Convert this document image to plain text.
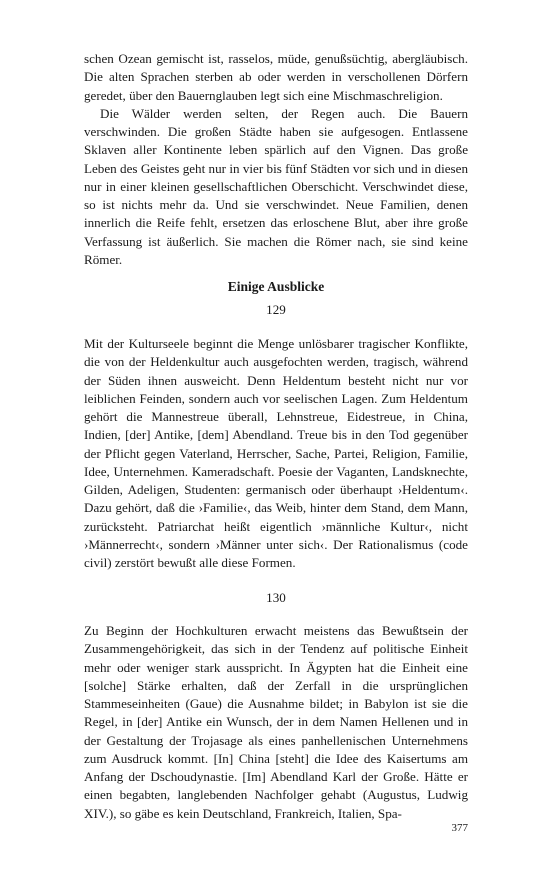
schen Ozean gemischt ist, rasselos, müde, genußsüchtig, abergläubisch. Die alten Sprachen sterben ab oder werden in verschollenen Dörfern geredet, über den Bauernglauben legt sich eine Mischmaschreligion.

Die Wälder werden selten, der Regen auch. Die Bauern verschwinden. Die großen Städte haben sie aufgesogen. Entlassene Sklaven aller Kontinente leben spärlich auf den Vignen. Das große Leben des Geistes geht nur in vier bis fünf Städten vor sich und in diesen nur in einer kleinen gesellschaftlichen Oberschicht. Verschwindet diese, so ist nichts mehr da. Und sie verschwindet. Neue Familien, denen innerlich die Reife fehlt, ersetzen das erloschene Blut, aber ihre große Verfassung ist äußerlich. Sie machen die Römer nach, sie sind keine Römer.

Einige Ausblicke
129

Mit der Kulturseele beginnt die Menge unlösbarer tragischer Konflikte, die von der Heldenkultur auch ausgefochten werden, tragisch, während der Süden ihnen ausweicht. Denn Heldentum besteht nicht nur vor leiblichen Feinden, sondern auch vor seelischen Lagen. Zum Heldentum gehört die Mannestreue überall, Lehnstreue, Eidestreue, in China, Indien, [der] Antike, [dem] Abendland. Treue bis in den Tod gegenüber der Pflicht gegen Vaterland, Herrscher, Sache, Partei, Religion, Familie, Idee, Unternehmen. Kameradschaft. Poesie der Vaganten, Landsknechte, Gilden, Adeligen, Studenten: germanisch oder überhaupt ›Heldentum‹. Dazu gehört, daß die ›Familie‹, das Weib, hinter dem Stand, dem Mann, zurücksteht. Patriarchat heißt eigentlich ›männliche Kultur‹, nicht ›Männerrecht‹, sondern ›Männer unter sich‹. Der Rationalismus (code civil) zerstört bewußt alle diese Formen.

130

Zu Beginn der Hochkulturen erwacht meistens das Bewußtsein der Zusammengehörigkeit, das sich in der Tendenz auf politische Einheit mehr oder weniger stark ausspricht. In Ägypten hat die Einheit eine [solche] Stärke erhalten, daß der Zerfall in die ursprünglichen Stammeseinheiten (Gaue) die Ausnahme bildet; in Babylon ist sie die Regel, in [der] Antike ein Wunsch, der in dem Namen Hellenen und in der Gestaltung der Trojasage als eines panhellenischen Unternehmens zum Ausdruck kommt. [In] China [steht] die Idee des Kaisertums am Anfang der Dschoudynastie. [Im] Abendland Karl der Große. Hätte er einen begabten, langlebenden Nachfolger gehabt (Augustus, Ludwig XIV.), so gäbe es kein Deutschland, Frankreich, Italien, Spa-

377
